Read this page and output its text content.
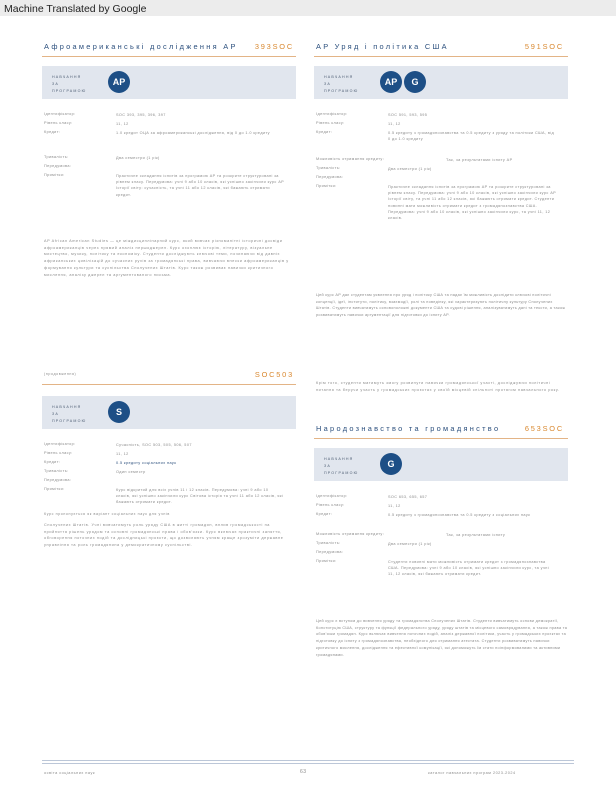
Machine Translated by Google
Афроамериканські дослідження АР	393SOC
НАВЧАННЯ ЗА ПРОГРАМОЮ
AP
Ідентифікатор:	SOC 393, 395, 396, 397
Рівень класу:	11, 12
Кредит:	1.0 кредит ОЦА за афроамериканські дослідження, від 0 до 1.0 кредиту
Тривалість:	Два семестри (1 рік)
Передумова:
Примітки:	Практичне складання іспитів за програмою AP та розкрите структуровані за рівнем класу. Передумова: учні 9 або 10 класів, які успішно закінчили курс AP Історії світу: сучасність, та учні 11 або 12 класів, які бажають отримати кредит.
AP African American Studies — це міждисциплінарний курс, який вивчає різноманітні історичні досвіди афроамериканців через прямий аналіз першоджерел. Курс охоплює історію, літературу, візуальне мистецтво, музику, політику та економіку. Студенти досліджують ключові теми, починаючи від давніх африканських цивілізацій до сучасних рухів за громадянські права, вивчаючи внески афроамериканців у формування культури та суспільства Сполучених Штатів. Курс також розвиває навички критичного мислення, аналізу джерел та аргументованого письма.
(продовження)	SOC503
НАВЧАННЯ ЗА ПРОГРАМОЮ
S
Ідентифікатор:	Сучасність, SOC 503, 505, 506, 507
Рівень класу:	11, 12
Кредит:	0.5 кредиту соціальних наук
Тривалість:	Один семестр
Передумова:
Примітки:	Курс відкритий для всіх учнів 11 і 12 класів. Передумова: учні 9 або 10 класів, які успішно закінчили курс Світова історія та учні 11 або 12 класів, які бажають отримати кредит.
Курс пропонується як варіант соціальних наук для учнів
Сполучених Штатів. Учні вивчатимуть роль уряду США в житті громадян, вплив громадськості на прийняття рішень урядом та основні громадянські права і обов'язки. Курс включає практичні заняття, обговорення поточних подій та дослідницькі проєкти, що дозволяють учням краще зрозуміти державне управління та роль громадянина у демократичному суспільстві.
AP Уряд і політика США	591SOC
НАВЧАННЯ ЗА ПРОГРАМОЮ
AP	G
Ідентифікатор:	SOC 591, 593, 595
Рівень класу:	11, 12
Кредит:	0.5 кредиту з громадянознавства та 0.5 кредиту з уряду та політики США, від 0 до 1.0 кредиту
Можливість отримання кредиту:	Так, за результатами іспиту AP
Тривалість:	Два семестри (1 рік)
Передумова:
Примітки:	Практичне складання іспитів за програмою AP та розкрите структуровані за рівнем класу. Передумова: учні 9 або 10 класів, які успішно закінчили курс AP Історії світу, та учні 11 або 12 класів, які бажають отримати кредит. Студенти повинні мати можливість отримати кредит з громадянознавства США. Передумова: учні 9 або 10 класів, які успішно закінчили курс, та учні 11, 12 класів.
Цей курс AP дає студентам уявлення про уряд і політику США та надає їм можливість дослідити ключові політичні концепції, ідеї, інститути, політику, взаємодії, ролі та поведінку, які характеризують політичну культуру Сполучених Штатів. Студенти вивчатимуть основоположні документи США та судові рішення, аналізуватимуть дані та тексти, а також розвиватимуть навички аргументації для підготовки до іспиту AP.
Крім того, студенти матимуть змогу розвинути навички громадянської участі, досліджуючи політичні питання та беручи участь у громадських проєктах у своїй місцевій спільноті протягом навчального року.
Народознавство та громадянство	653SOC
НАВЧАННЯ ЗА ПРОГРАМОЮ
G
Ідентифікатор:	SOC 653, 655, 657
Рівень класу:	11, 12
Кредит:	0.5 кредиту з громадянознавства та 0.5 кредиту з соціальних наук
Можливість отримання кредиту:	Так, за результатами іспиту
Тривалість:	Два семестри (1 рік)
Передумова:
Примітки:	Студенти повинні мати можливість отримати кредит з громадянознавства США. Передумова: учні 9 або 10 класів, які успішно закінчили курс, та учні 11, 12 класів, які бажають отримати кредит.
Цей курс є вступом до вивчення уряду та громадянства Сполучених Штатів. Студенти вивчатимуть основи демократії, Конституцію США, структуру та функції федерального уряду, уряду штатів та місцевого самоврядування, а також права та обов'язки громадян. Курс включає вивчення поточних подій, аналіз державної політики, участь у громадських проєктах та підготовку до іспиту з громадянознавства, необхідного для отримання атестата. Студенти розвиватимуть навички критичного мислення, дослідження та ефективної комунікації, які допоможуть їм стати поінформованими та активними громадянами.
освіта соціальних наук	63	каталог навчальних програм 2023-2024
